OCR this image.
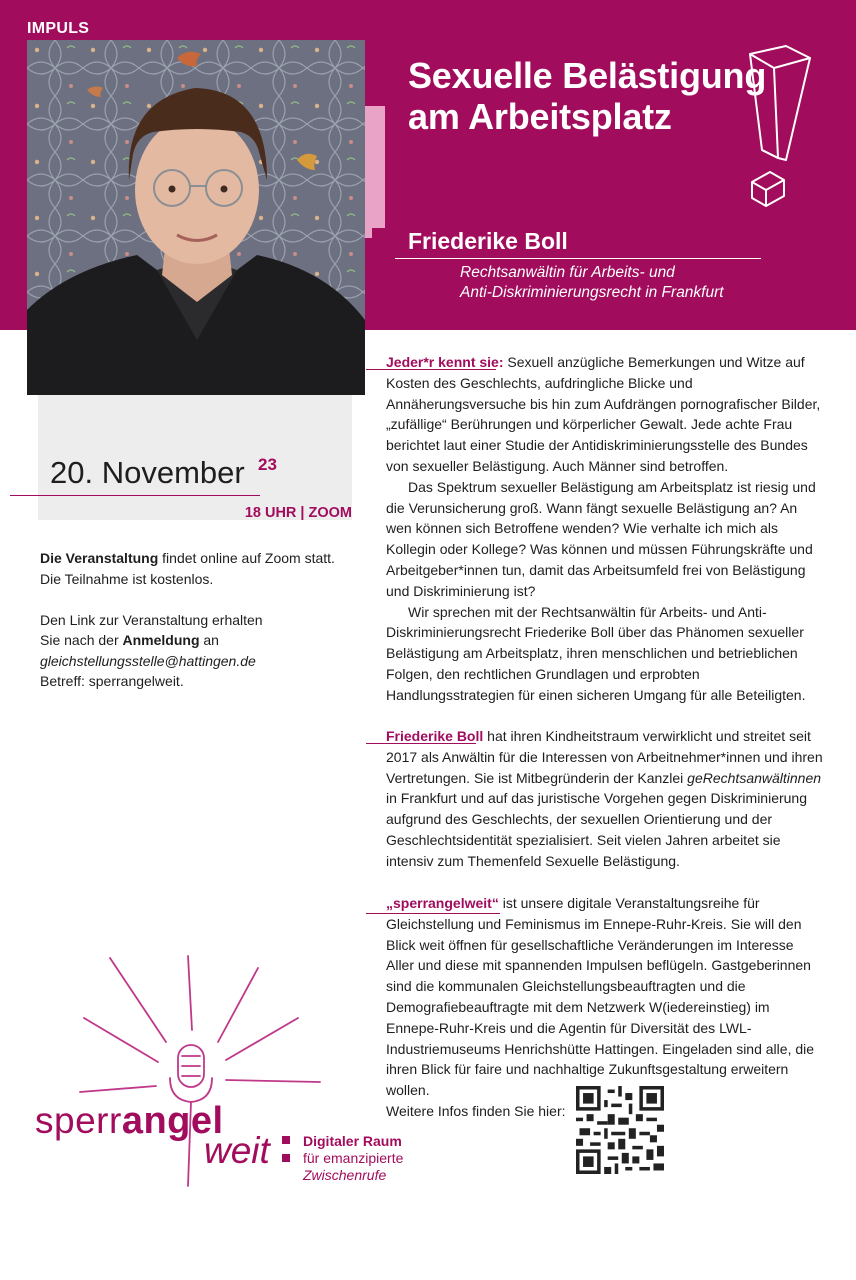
IMPULS
Sexuelle Belästigung
am Arbeitsplatz
Friederike Boll
Rechtsanwältin für Arbeits- und
Anti-Diskriminierungsrecht in Frankfurt
20. November 23
18 UHR | ZOOM
Die Veranstaltung findet online auf Zoom statt.
Die Teilnahme ist kostenlos.
Den Link zur Veranstaltung erhalten
Sie nach der Anmeldung an
gleichstellungsstelle@hattingen.de
Betreff: sperrangelweit.

Jeder*r kennt sie: Sexuell anzügliche Bemerkungen und Witze auf Kosten des Geschlechts, aufdringliche Blicke und Annäherungsversuche bis hin zum Aufdrängen pornografischer Bilder, „zufällige“ Berührungen und körperlicher Gewalt. Jede achte Frau berichtet laut einer Studie der Antidiskriminierungsstelle des Bundes von sexueller Belästigung. Auch Männer sind betroffen.

Das Spektrum sexueller Belästigung am Arbeitsplatz ist riesig und die Verunsicherung groß. Wann fängt sexuelle Belästigung an? An wen können sich Betroffene wenden? Wie verhalte ich mich als Kollegin oder Kollege? Was können und müssen Führungskräfte und Arbeitgeber*innen tun, damit das Arbeitsumfeld frei von Belästigung und Diskriminierung ist?

Wir sprechen mit der Rechtsanwältin für Arbeits- und Anti-Diskriminierungsrecht Friederike Boll über das Phänomen sexueller Belästigung am Arbeitsplatz, ihren menschlichen und betrieblichen Folgen, den rechtlichen Grundlagen und erprobten Handlungsstrategien für einen sicheren Umgang für alle Beteiligten.

Friederike Boll hat ihren Kindheitstraum verwirklicht und streitet seit 2017 als Anwältin für die Interessen von Arbeitnehmer*innen und ihren Vertretungen. Sie ist Mitbegründerin der Kanzlei geRechtsanwältinnen in Frankfurt und auf das juristische Vorgehen gegen Diskriminierung aufgrund des Geschlechts, der sexuellen Orientierung und der Geschlechtsidentität spezialisiert. Seit vielen Jahren arbeitet sie intensiv zum Themenfeld Sexuelle Belästigung.

„sperrangelweit“ ist unsere digitale Veranstaltungsreihe für Gleichstellung und Feminismus im Ennepe-Ruhr-Kreis. Sie will den Blick weit öffnen für gesellschaftliche Veränderungen im Interesse Aller und diese mit spannenden Impulsen beflügeln. Gastgeberinnen sind die kommunalen Gleichstellungsbeauftragten und die Demografiebeauftragte mit dem Netzwerk W(iedereinstieg) im Ennepe-Ruhr-Kreis und die Agentin für Diversität des LWL-Industriemuseums Henrichshütte Hattingen. Eingeladen sind alle, die ihren Blick für faire und nachhaltige Zukunftsgestaltung erweitern wollen.

Weitere Infos finden Sie hier:

sperrangel
weit Digitaler Raum
für emanzipierte
Zwischenrufe
